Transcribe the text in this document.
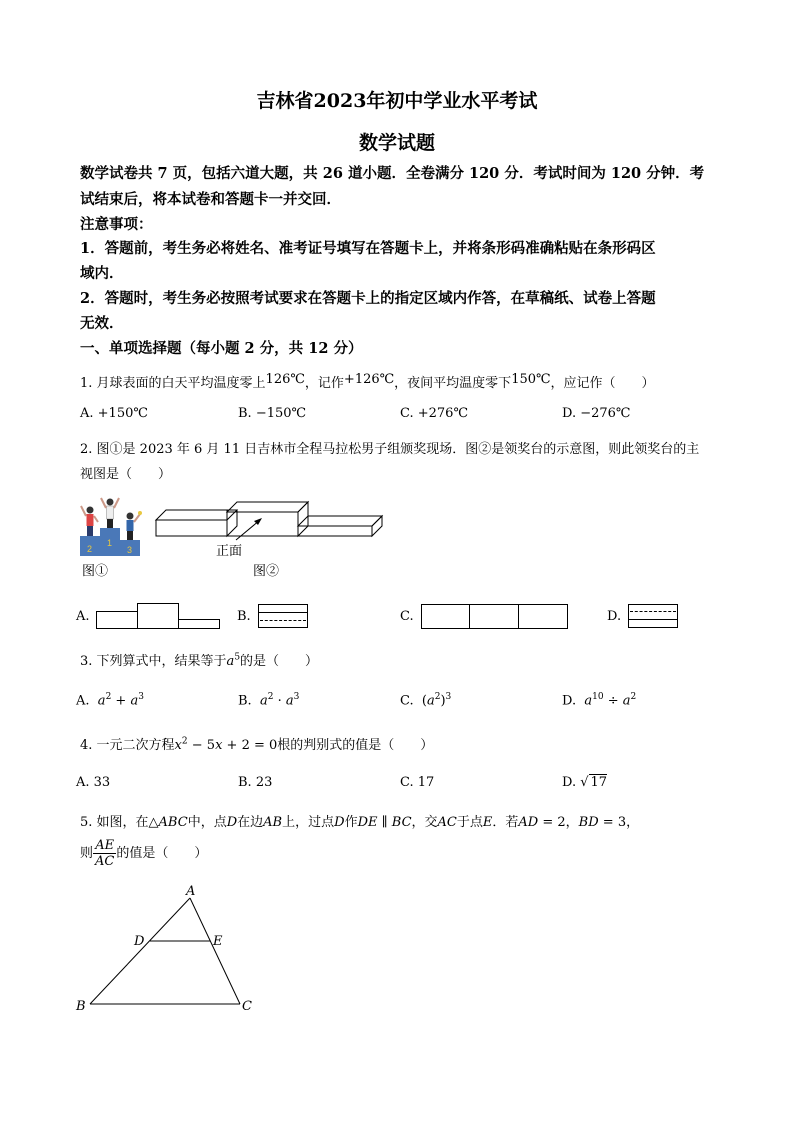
吉林省2023年初中学业水平考试
数学试题
数学试卷共 7 页，包括六道大题，共 26 道小题．全卷满分 120 分．考试时间为 120 分钟．考
试结束后，将本试卷和答题卡一并交回．
注意事项：
1．答题前，考生务必将姓名、准考证号填写在答题卡上，并将条形码准确粘贴在条形码区
域内．
2．答题时，考生务必按照考试要求在答题卡上的指定区域内作答，在草稿纸、试卷上答题
无效．
一、单项选择题（每小题 2 分，共 12 分）
1. 月球表面的白天平均温度零上126℃，记作+126℃，夜间平均温度零下150℃，应记作（　　）
A. +150℃	B. −150℃	C. +276℃	D. −276℃
2. 图①是 2023 年 6 月 11 日吉林市全程马拉松男子组颁奖现场．图②是领奖台的示意图，则此领奖台的主
视图是（　　）
2
1
3
图①
正面
图②
A.	B.	C.	D.
3. 下列算式中，结果等于$a^5$的是（　　）
A. $a^2 + a^3$	B. $a^2 \cdot a^3$	C. $(a^2)^3$	D. $a^{10} \div a^2$
4. 一元二次方程$x^2 - 5x + 2 = 0$根的判别式的值是（　　）
A. 33	B. 23	C. 17	D. √ 17
5. 如图，在△ABC中，点D在边AB上，过点D作DE ∥ BC，交AC于点E．若AD = 2，BD = 3，
则 $\frac{AE}{AC}$ 的值是（　　）
A
B	C
D	E
